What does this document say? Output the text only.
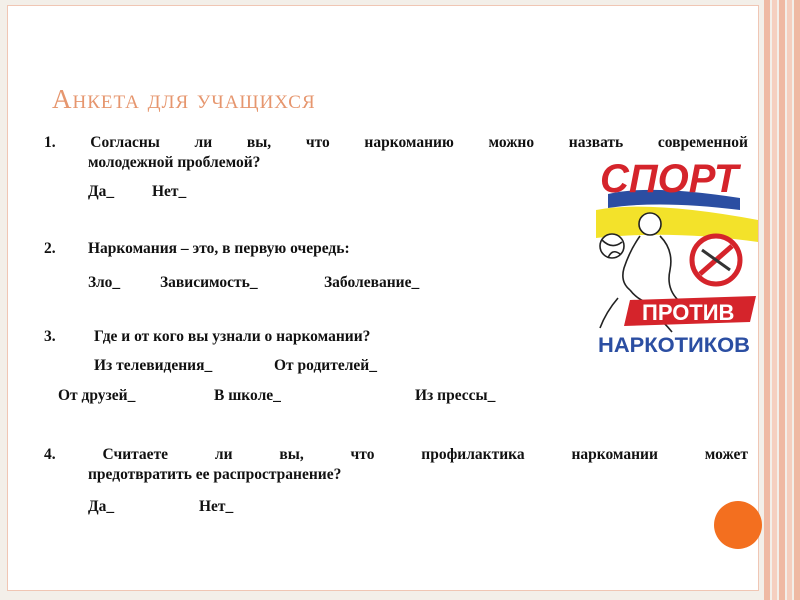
Анкета для учащихся
1. Согласны ли вы, что наркоманию можно назвать современной
молодежной проблемой?
Да_ Нет_
2. Наркомания – это, в первую очередь:
Зло_	Зависимость_	Заболевание_
3. Где и от кого вы узнали о наркомании?
Из телевидения_	От родителей_
От друзей_	В школе_	Из прессы_
4.	Считаете ли вы, что профилактика наркомании может
предотвратить ее распространение?
Да_	Нет_
СПОРТ
ПРОТИВ
НАРКОТИКОВ
